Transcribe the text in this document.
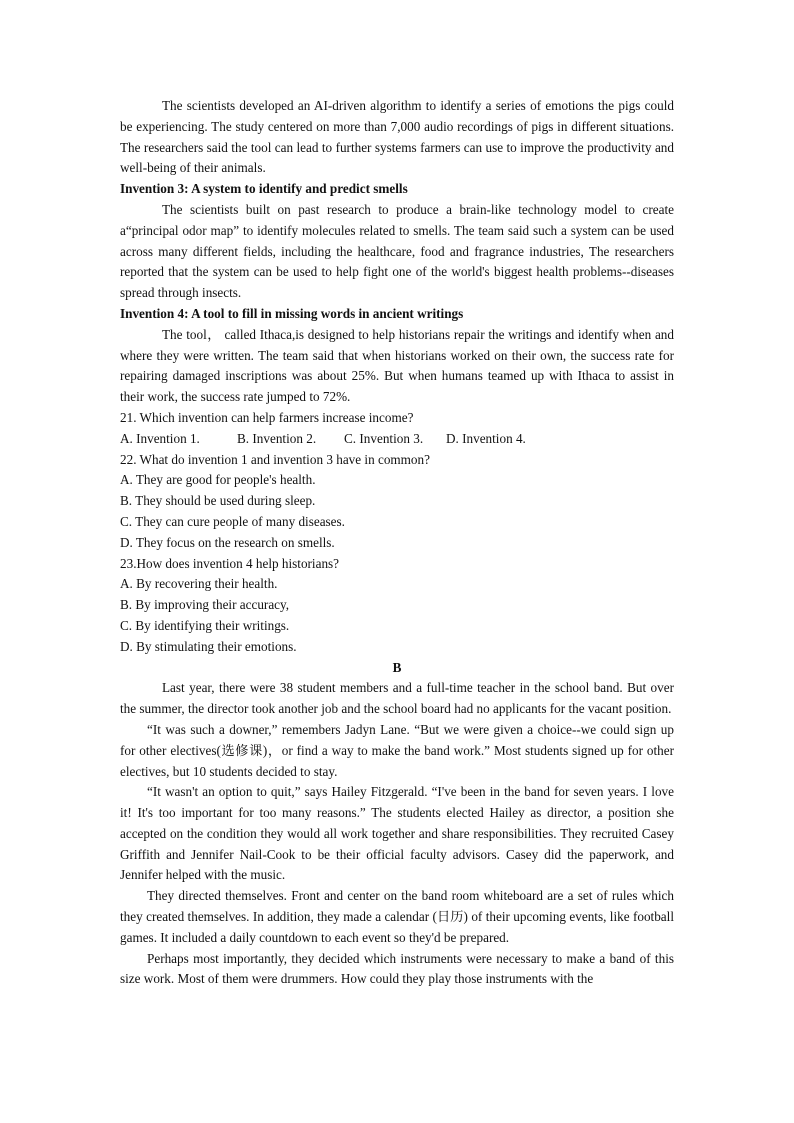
The scientists developed an AI-driven algorithm to identify a series of emotions the pigs could be experiencing. The study centered on more than 7,000 audio recordings of pigs in different situations. The researchers said the tool can lead to further systems farmers can use to improve the productivity and well-being of their animals.

Invention 3: A system to identify and predict smells

The scientists built on past research to produce a brain-like technology model to create a“principal odor map” to identify molecules related to smells. The team said such a system can be used across many different fields, including the healthcare, food and fragrance industries, The researchers reported that the system can be used to help fight one of the world's biggest health problems--diseases spread through insects.

Invention 4: A tool to fill in missing words in ancient writings

The tool， called Ithaca,is designed to help historians repair the writings and identify when and where they were written. The team said that when historians worked on their own, the success rate for repairing damaged inscriptions was about 25%. But when humans teamed up with Ithaca to assist in their work, the success rate jumped to 72%.

21. Which invention can help farmers increase income?

A. Invention 1.	B. Invention 2.	C. Invention 3.	D. Invention 4.

22. What do invention 1 and invention 3 have in common?

A. They are good for people's health.

B. They should be used during sleep.

C. They can cure people of many diseases.

D. They focus on the research on smells.

23.How does invention 4 help historians?

A. By recovering their health.

B. By improving their accuracy,

C. By identifying their writings.

D. By stimulating their emotions.

B

Last year, there were 38 student members and a full-time teacher in the school band. But over the summer, the director took another job and the school board had no applicants for the vacant position.

“It was such a downer,” remembers Jadyn Lane. “But we were given a choice--we could sign up for other electives(选修课)，or find a way to make the band work.” Most students signed up for other electives, but 10 students decided to stay.

“It wasn't an option to quit,” says Hailey Fitzgerald. “I've been in the band for seven years. I love it! It's too important for too many reasons.” The students elected Hailey as director, a position she accepted on the condition they would all work together and share responsibilities. They recruited Casey Griffith and Jennifer Nail-Cook to be their official faculty advisors. Casey did the paperwork, and Jennifer helped with the music.

They directed themselves. Front and center on the band room whiteboard are a set of rules which they created themselves. In addition, they made a calendar (日历) of their upcoming events, like football games. It included a daily countdown to each event so they'd be prepared.

Perhaps most importantly, they decided which instruments were necessary to make a band of this size work. Most of them were drummers. How could they play those instruments with the
